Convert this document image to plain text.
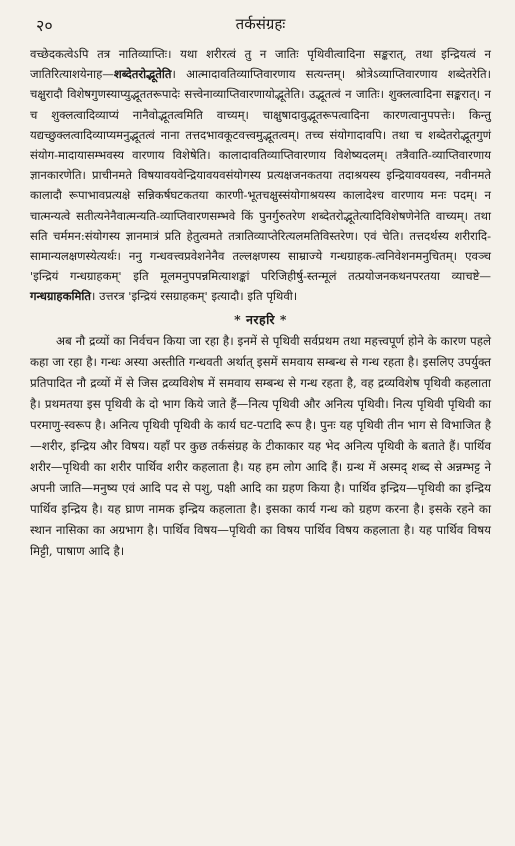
२०	तर्कसंग्रहः
वच्छेदकत्वेऽपि तत्र नातिव्याप्तिः। यथा शरीरत्वं तु न जातिः पृथिवीत्वादिना सङ्करात्, तथा इन्द्रियत्वं न जातिरित्याशयेनाह—शब्देतरोद्भूतेति। आत्मादावतिव्याप्तिवारणाय सत्यन्तम्। श्रोत्रेऽव्याप्तिवारणाय शब्देतरेति। चक्षुरादौ विशेषगुणस्याप्युद्भूततरूपादेः सत्त्वेनाव्याप्तिवारणायोद्भूतेति। उद्भूतत्वं न जातिः। शुक्लत्वादिना सङ्करात्। न च शुक्लत्वादिव्याप्यं नानैवोद्भूतत्वमिति वाच्यम्। चाक्षुषादावुद्भूतरूपत्वादिना कारणत्वानुपपत्तेः। किन्तु यद्यच्छुक्लत्वादिव्याप्यमनुद्भूतत्वं नाना तत्तदभावकूटवत्त्वमुद्भूतत्वम्। तच्च संयोगादावपि। तथा च शब्देतरोद्भूतगुणं संयोग-मादायासम्भवस्य वारणाय विशेषेति। कालादावतिव्याप्तिवारणाय विशेष्यदलम्। तत्रैवाति-व्याप्तिवारणाय ज्ञानकारणेति। प्राचीनमते विषयावयवेन्द्रियावयवसंयोगस्य प्रत्यक्षजनकतया तदाश्रयस्य इन्द्रियावयवस्य, नवीनमते कालादौ रूपाभावप्रत्यक्षे सन्निकर्षघटकतया कारणी-भूतचक्षुस्संयोगाश्रयस्य कालादेश्च वारणाय मनः पदम्। न चात्मन्यत्वे सतीत्यनेनैवात्मन्यति-व्याप्तिवारणसम्भवे किं पुनर्गुरुतरेण शब्देतरोद्भूतेत्यादिविशेषणेनेति वाच्यम्। तथा सति चर्ममन:संयोगस्य ज्ञानमात्रं प्रति हेतुत्वमते तत्रातिव्याप्तेरित्यलमतिविस्तरेण। एवं चेति। तत्तदर्थस्य शरीरादि-सामान्यलक्षणस्येत्यर्थः। ननु गन्धवत्त्वप्रवेशनेनैव तल्लक्षणस्य साम्राज्ये गन्धग्राहक-त्वनिवेशनमनुचितम्। एवञ्च 'इन्द्रियं गन्धग्राहकम्' इति मूलमनुपपन्नमित्याशङ्कां परिजिहीर्षु-स्तन्मूलं तत्प्रयोजनकथनपरतया व्याचष्टे—गन्धग्राहकमिति। उत्तरत्र 'इन्द्रियं रसग्राहकम्' इत्यादौ। इति पृथिवी।
* नरहरि *
अब नौ द्रव्यों का निर्वचन किया जा रहा है। इनमें से पृथिवी सर्वप्रथम तथा महत्त्वपूर्ण होने के कारण पहले कहा जा रहा है। गन्धः अस्या अस्तीति गन्धवती अर्थात् इसमें समवाय सम्बन्ध से गन्ध रहता है। इसलिए उपर्युक्त प्रतिपादित नौ द्रव्यों में से जिस द्रव्यविशेष में समवाय सम्बन्ध से गन्ध रहता है, वह द्रव्यविशेष पृथिवी कहलाता है। प्रथमतया इस पृथिवी के दो भाग किये जाते हैं—नित्य पृथिवी और अनित्य पृथिवी। नित्य पृथिवी पृथिवी का परमाणु-स्वरूप है। अनित्य पृथिवी पृथिवी के कार्य घट-पटादि रूप है। पुनः यह पृथिवी तीन भाग से विभाजित है—शरीर, इन्द्रिय और विषय। यहाँ पर कुछ तर्कसंग्रह के टीकाकार यह भेद अनित्य पृथिवी के बताते हैं। पार्थिव शरीर—पृथिवी का शरीर पार्थिव शरीर कहलाता है। यह हम लोग आदि हैं। ग्रन्थ में अस्मद् शब्द से अन्नम्भट्ट ने अपनी जाति—मनुष्य एवं आदि पद से पशु, पक्षी आदि का ग्रहण किया है। पार्थिव इन्द्रिय—पृथिवी का इन्द्रिय पार्थिव इन्द्रिय है। यह घ्राण नामक इन्द्रिय कहलाता है। इसका कार्य गन्ध को ग्रहण करना है। इसके रहने का स्थान नासिका का अग्रभाग है। पार्थिव विषय—पृथिवी का विषय पार्थिव विषय कहलाता है। यह पार्थिव विषय मिट्टी, पाषाण आदि है।
